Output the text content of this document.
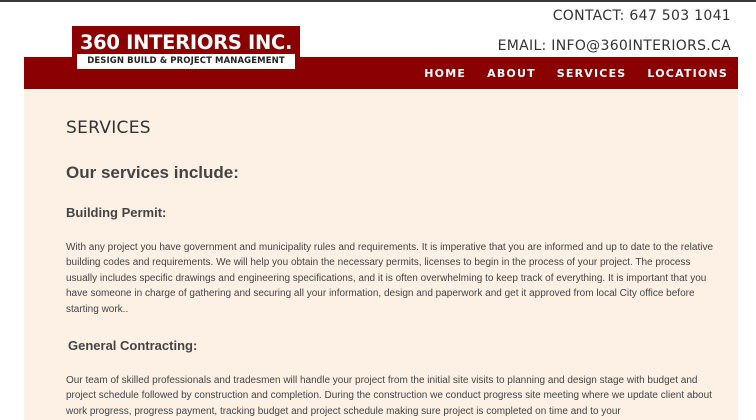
CONTACT: 647 503 1041
EMAIL: INFO@360INTERIORS.CA
HOME ABOUT SERVICES LOCATIONS
360 INTERIORS INC.
DESIGN BUILD & PROJECT MANAGEMENT
SERVICES
Our services include:
Building Permit:

With any project you have government and municipality rules and requirements. It is imperative that you are informed and up to date to the relative building codes and requirements. We will help you obtain the necessary permits, licenses to begin in the process of your project. The process usually includes specific drawings and engineering specifications, and it is often overwhelming to keep track of everything. It is important that you have someone in charge of gathering and securing all your information, design and paperwork and get it approved from local City office before starting work..

General Contracting:

Our team of skilled professionals and tradesmen will handle your project from the initial site visits to planning and design stage with budget and project schedule followed by construction and completion. During the construction we conduct progress site meeting where we update client about work progress, progress payment, tracking budget and project schedule making sure project is completed on time and to your
